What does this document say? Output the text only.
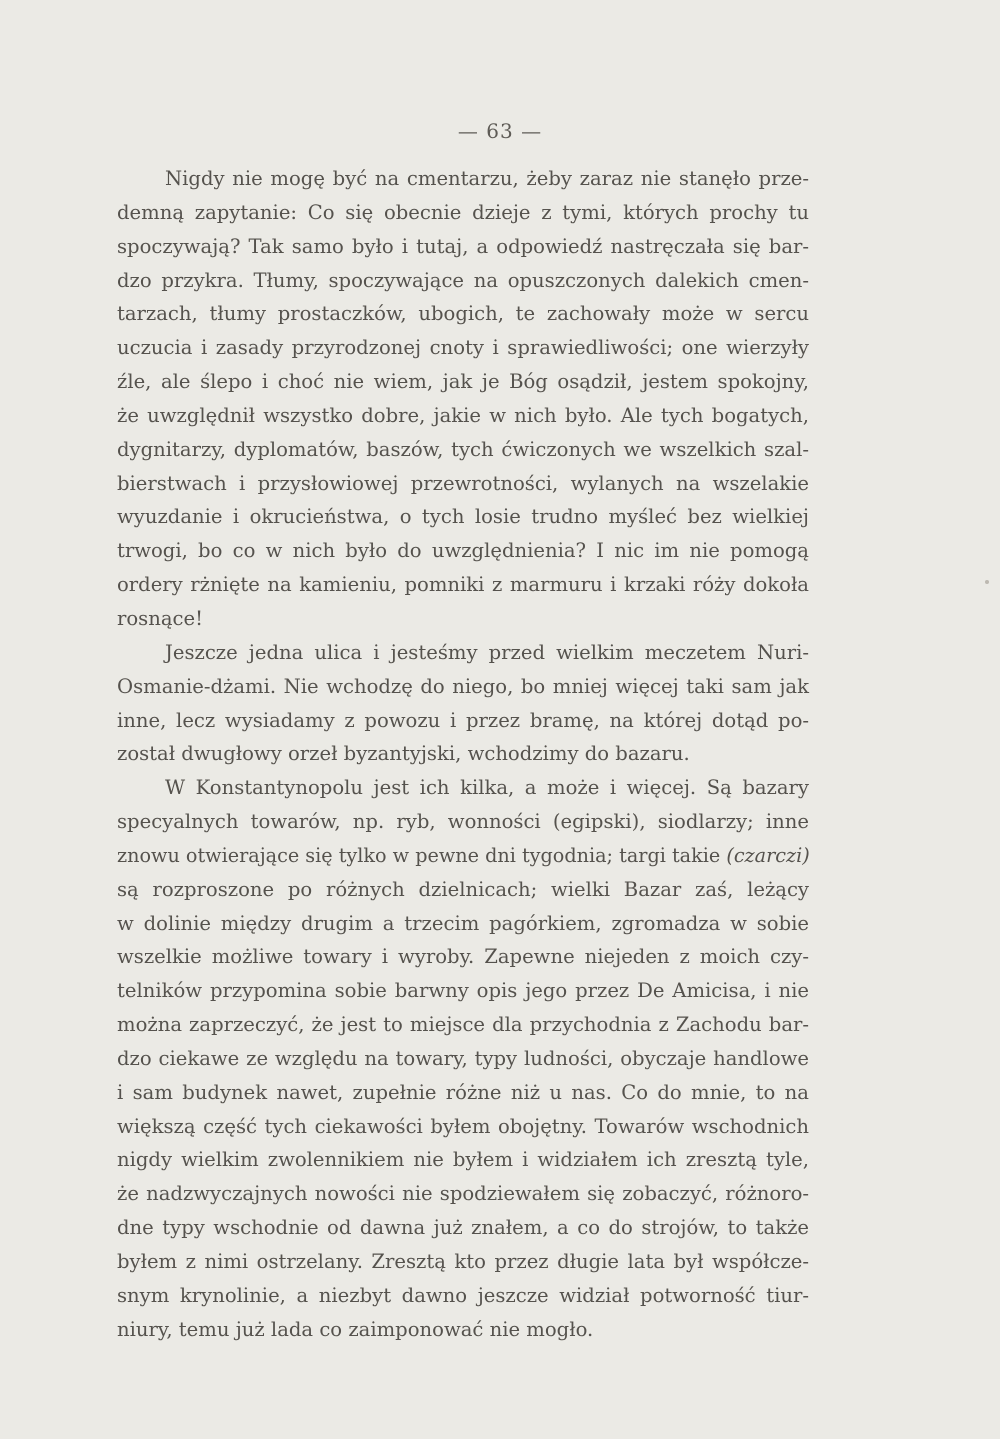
— 63 —
Nigdy nie mogę być na cmentarzu, żeby zaraz nie stanęło prze-
demną zapytanie: Co się obecnie dzieje z tymi, których prochy tu
spoczywają? Tak samo było i tutaj, a odpowiedź nastręczała się bar-
dzo przykra. Tłumy, spoczywające na opuszczonych dalekich cmen-
tarzach, tłumy prostaczków, ubogich, te zachowały może w sercu
uczucia i zasady przyrodzonej cnoty i sprawiedliwości; one wierzyły
źle, ale ślepo i choć nie wiem, jak je Bóg osądził, jestem spokojny,
że uwzględnił wszystko dobre, jakie w nich było. Ale tych bogatych,
dygnitarzy, dyplomatów, baszów, tych ćwiczonych we wszelkich szal-
bierstwach i przysłowiowej przewrotności, wylanych na wszelakie
wyuzdanie i okrucieństwa, o tych losie trudno myśleć bez wielkiej
trwogi, bo co w nich było do uwzględnienia? I nic im nie pomogą
ordery rżnięte na kamieniu, pomniki z marmuru i krzaki róży dokoła
rosnące!
Jeszcze jedna ulica i jesteśmy przed wielkim meczetem Nuri-
Osmanie-dżami. Nie wchodzę do niego, bo mniej więcej taki sam jak
inne, lecz wysiadamy z powozu i przez bramę, na której dotąd po-
został dwugłowy orzeł byzantyjski, wchodzimy do bazaru.
W Konstantynopolu jest ich kilka, a może i więcej. Są bazary
specyalnych towarów, np. ryb, wonności (egipski), siodlarzy; inne
znowu otwierające się tylko w pewne dni tygodnia; targi takie (czarczi)
są rozproszone po różnych dzielnicach; wielki Bazar zaś, leżący
w dolinie między drugim a trzecim pagórkiem, zgromadza w sobie
wszelkie możliwe towary i wyroby. Zapewne niejeden z moich czy-
telników przypomina sobie barwny opis jego przez De Amicisa, i nie
można zaprzeczyć, że jest to miejsce dla przychodnia z Zachodu bar-
dzo ciekawe ze względu na towary, typy ludności, obyczaje handlowe
i sam budynek nawet, zupełnie różne niż u nas. Co do mnie, to na
większą część tych ciekawości byłem obojętny. Towarów wschodnich
nigdy wielkim zwolennikiem nie byłem i widziałem ich zresztą tyle,
że nadzwyczajnych nowości nie spodziewałem się zobaczyć, różnoro-
dne typy wschodnie od dawna już znałem, a co do strojów, to także
byłem z nimi ostrzelany. Zresztą kto przez długie lata był współcze-
snym krynolinie, a niezbyt dawno jeszcze widział potworność tiur-
niury, temu już lada co zaimponować nie mogło.
